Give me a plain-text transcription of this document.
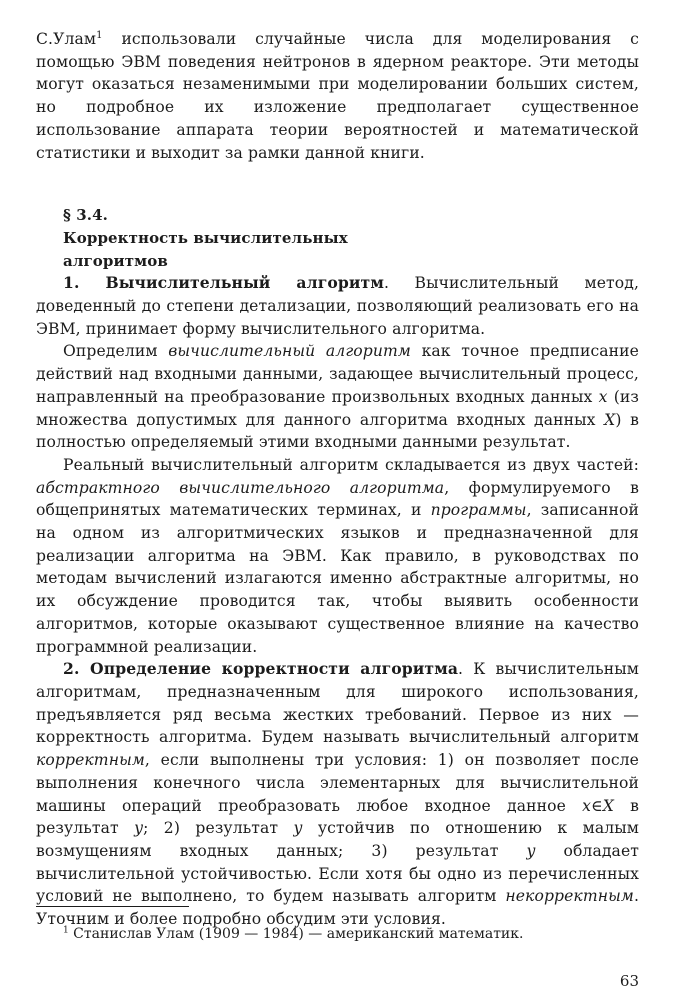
С.Улам$^1$ использовали случайные числа для моделирования с помощью ЭВМ поведения нейтронов в ядерном реакторе. Эти методы могут оказаться незаменимыми при моделировании больших систем, но подробное их изложение предполагает существенное использование аппарата теории вероятностей и математической статистики и выходит за рамки данной книги.

§ 3.4.
Корректность вычислительных
алгоритмов

1. Вычислительный алгоритм. Вычислительный метод, доведенный до степени детализации, позволяющий реализовать его на ЭВМ, принимает форму вычислительного алгоритма.

Определим вычислительный алгоритм как точное предписание действий над входными данными, задающее вычислительный процесс, направленный на преобразование произвольных входных данных x (из множества допустимых для данного алгоритма входных данных X) в полностью определяемый этими входными данными результат.

Реальный вычислительный алгоритм складывается из двух частей: абстрактного вычислительного алгоритма, формулируемого в общепринятых математических терминах, и программы, записанной на одном из алгоритмических языков и предназначенной для реализации алгоритма на ЭВМ. Как правило, в руководствах по методам вычислений излагаются именно абстрактные алгоритмы, но их обсуждение проводится так, чтобы выявить особенности алгоритмов, которые оказывают существенное влияние на качество программной реализации.

2. Определение корректности алгоритма. К вычислительным алгоритмам, предназначенным для широкого использования, предъявляется ряд весьма жестких требований. Первое из них — корректность алгоритма. Будем называть вычислительный алгоритм корректным, если выполнены три условия: 1) он позволяет после выполнения конечного числа элементарных для вычислительной машины операций преобразовать любое входное данное x∈X в результат y; 2) результат y устойчив по отношению к малым возмущениям входных данных; 3) результат y обладает вычислительной устойчивостью. Если хотя бы одно из перечисленных условий не выполнено, то будем называть алгоритм некорректным. Уточним и более подробно обсудим эти условия.

$^1$ Станислав Улам (1909 — 1984) — американский математик.
63
